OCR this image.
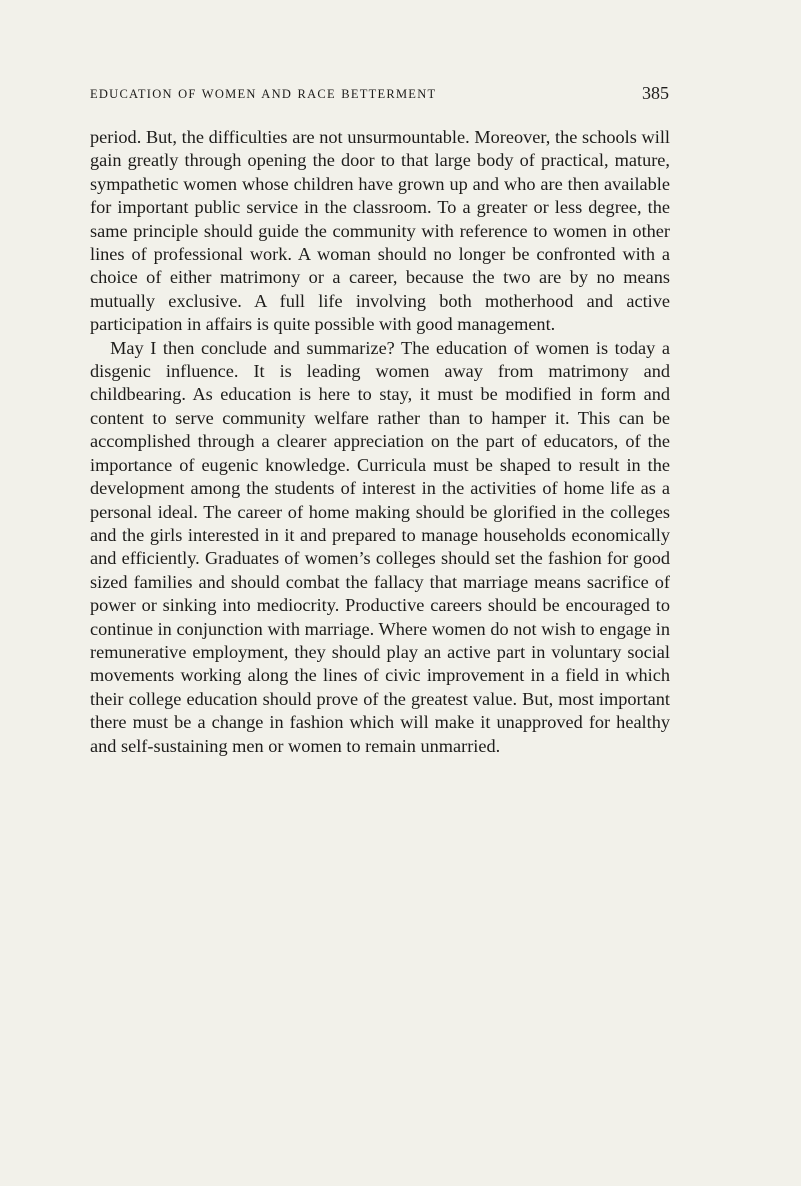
EDUCATION OF WOMEN AND RACE BETTERMENT	385

period. But, the difficulties are not unsurmountable. Moreover, the schools will gain greatly through opening the door to that large body of practical, mature, sympathetic women whose children have grown up and who are then available for important public service in the classroom. To a greater or less degree, the same principle should guide the community with reference to women in other lines of professional work. A woman should no longer be confronted with a choice of either matrimony or a career, because the two are by no means mutually exclusive. A full life involving both motherhood and active participation in affairs is quite possible with good management.

May I then conclude and summarize? The education of women is today a disgenic influence. It is leading women away from matrimony and childbearing. As education is here to stay, it must be modified in form and content to serve community welfare rather than to hamper it. This can be accomplished through a clearer appreciation on the part of educators, of the importance of eugenic knowledge. Curricula must be shaped to result in the development among the students of interest in the activities of home life as a personal ideal. The career of home making should be glorified in the colleges and the girls interested in it and prepared to manage households economically and efficiently. Graduates of women’s colleges should set the fashion for good sized families and should combat the fallacy that marriage means sacrifice of power or sinking into mediocrity. Productive careers should be encouraged to continue in conjunction with marriage. Where women do not wish to engage in remunerative employment, they should play an active part in voluntary social movements working along the lines of civic improvement in a field in which their college education should prove of the greatest value. But, most important there must be a change in fashion which will make it unapproved for healthy and self-sustaining men or women to remain unmarried.
